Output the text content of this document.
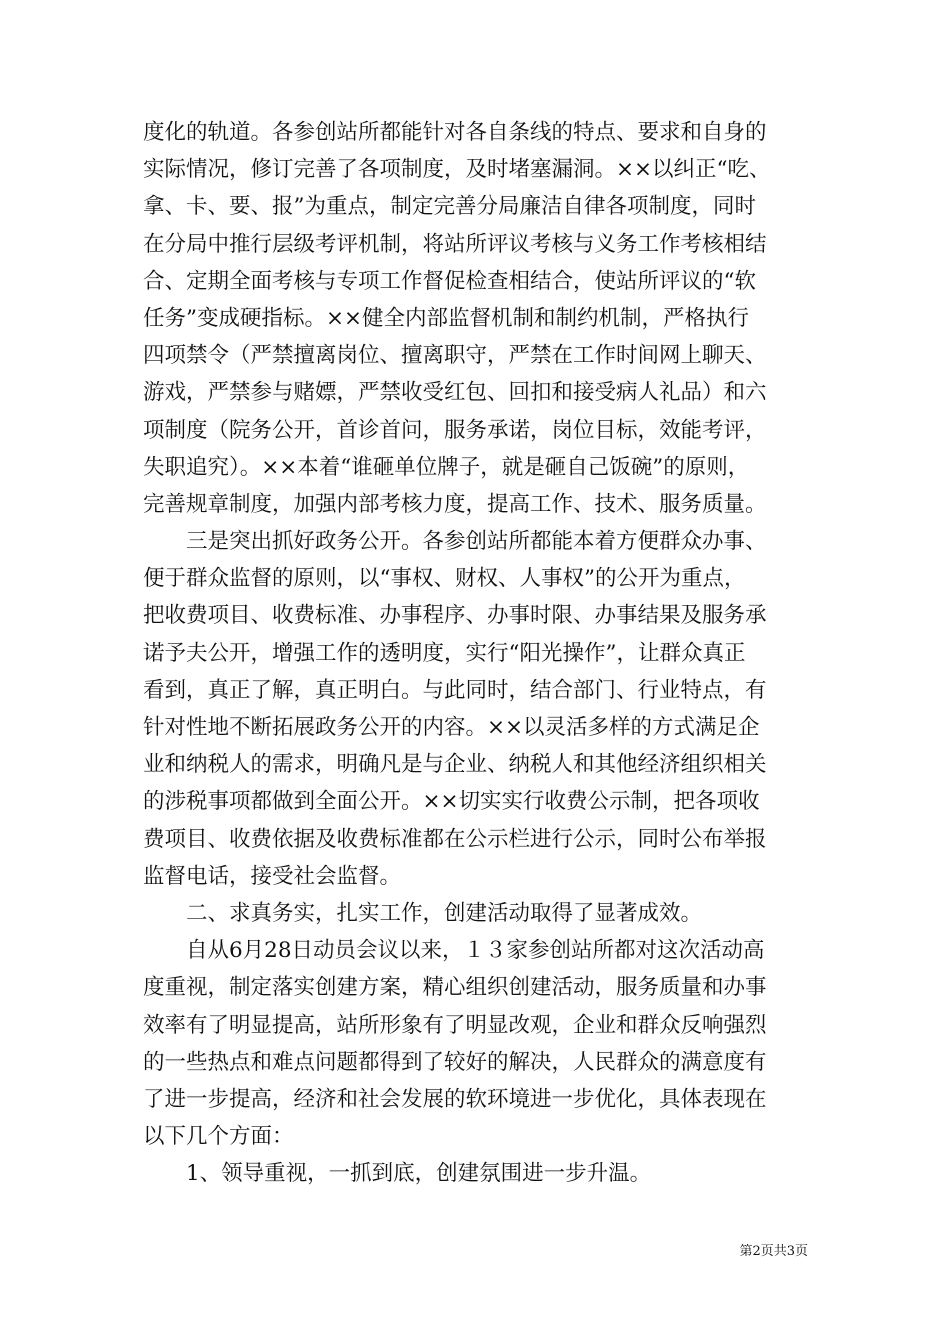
度化的轨道。各参创站所都能针对各自条线的特点、要求和自身的
实际情况，修订完善了各项制度，及时堵塞漏洞。××以纠正“吃、
拿、卡、要、报”为重点，制定完善分局廉洁自律各项制度，同时
在分局中推行层级考评机制，将站所评议考核与义务工作考核相结
合、定期全面考核与专项工作督促检查相结合，使站所评议的“软
任务”变成硬指标。××健全内部监督机制和制约机制，严格执行
四项禁令（严禁擅离岗位、擅离职守，严禁在工作时间网上聊天、
游戏，严禁参与赌嫖，严禁收受红包、回扣和接受病人礼品）和六
项制度（院务公开，首诊首问，服务承诺，岗位目标，效能考评，
失职追究）。××本着“谁砸单位牌子，就是砸自己饭碗”的原则，
完善规章制度，加强内部考核力度，提高工作、技术、服务质量。
　　三是突出抓好政务公开。各参创站所都能本着方便群众办事、
便于群众监督的原则，以“事权、财权、人事权”的公开为重点，
把收费项目、收费标准、办事程序、办事时限、办事结果及服务承
诺予夫公开，增强工作的透明度，实行“阳光操作”，让群众真正
看到，真正了解，真正明白。与此同时，结合部门、行业特点，有
针对性地不断拓展政务公开的内容。××以灵活多样的方式满足企
业和纳税人的需求，明确凡是与企业、纳税人和其他经济组织相关
的涉税事项都做到全面公开。××切实实行收费公示制，把各项收
费项目、收费依据及收费标准都在公示栏进行公示，同时公布举报
监督电话，接受社会监督。
　　二、求真务实，扎实工作，创建活动取得了显著成效。
　　自从6月28日动员会议以来，１３家参创站所都对这次活动高
度重视，制定落实创建方案，精心组织创建活动，服务质量和办事
效率有了明显提高，站所形象有了明显改观，企业和群众反响强烈
的一些热点和难点问题都得到了较好的解决，人民群众的满意度有
了进一步提高，经济和社会发展的软环境进一步优化，具体表现在
以下几个方面：
　　1、领导重视，一抓到底，创建氛围进一步升温。
第2页共3页
